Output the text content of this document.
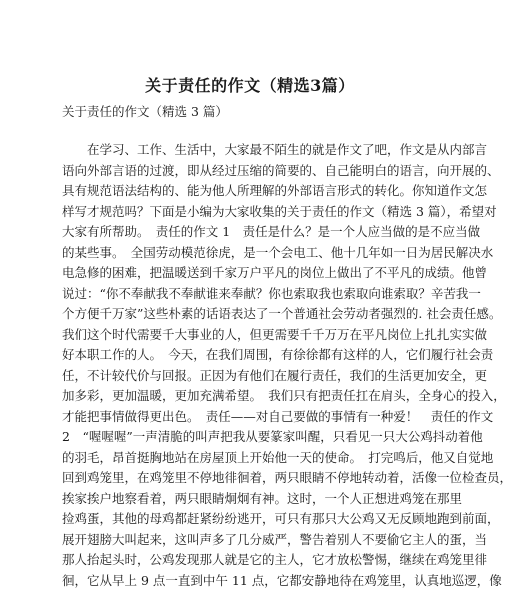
关于责任的作文（精选3篇）
关于责任的作文（精选 3 篇）
　　在学习、工作、生活中，大家最不陌生的就是作文了吧，作文是从内部言
语向外部言语的过渡，即从经过压缩的简要的、自己能明白的语言，向开展的、
具有规范语法结构的、能为他人所理解的外部语言形式的转化。你知道作文怎
样写才规范吗？下面是小编为大家收集的关于责任的作文（精选 3 篇），希望对
大家有所帮助。　责任的作文 1　责任是什么？是一个人应当做的是不应当做
的某些事。　全国劳动模范徐虎，是一个会电工、他十几年如一日为居民解决水
电急修的困难，把温暖送到千家万户平凡的岗位上做出了不平凡的成绩。他曾
说过：“你不奉献我不奉献谁来奉献？你也索取我也索取向谁索取？辛苦我一
个方便千万家”这些朴素的话语表达了一个普通社会劳动者强烈的. 社会责任感。
我们这个时代需要千大事业的人，但更需要千千万万在平凡岗位上扎扎实实做
好本职工作的人。　今天，在我们周围，有徐徐都有这样的人，它们履行社会责
任，不计较代价与回报。正因为有他们在履行责任，我们的生活更加安全，更
加多彩，更加温暖，更加充满希望。　我们只有把责任扛在肩头，全身心的投入，
才能把事情做得更出色。　责任——对自己要做的事情有一种爱！　责任的作文
2　“喔喔喔”一声清脆的叫声把我从要篆家叫醒，只看见一只大公鸡抖动着他
的羽毛，昂首挺胸地站在房屋顶上开始他一天的使命。　打完鸣后，他又自觉地
回到鸡笼里，在鸡笼里不停地徘徊着，两只眼睛不停地转动着，活像一位检查员，
挨家挨户地察看着，两只眼睛炯炯有神。这时，一个人正想进鸡笼在那里
捡鸡蛋，其他的母鸡都赶紧纷纷逃开，可只有那只大公鸡又无反顾地跑到前面，
展开翅膀大叫起来，这叫声多了几分威严，警告着别人不要偷它主人的蛋，当
那人抬起头时，公鸡发现那人就是它的主人，它才放松警惕，继续在鸡笼里徘
徊，它从早上 9 点一直到中午 11 点，它都安静地待在鸡笼里，认真地巡逻，像
